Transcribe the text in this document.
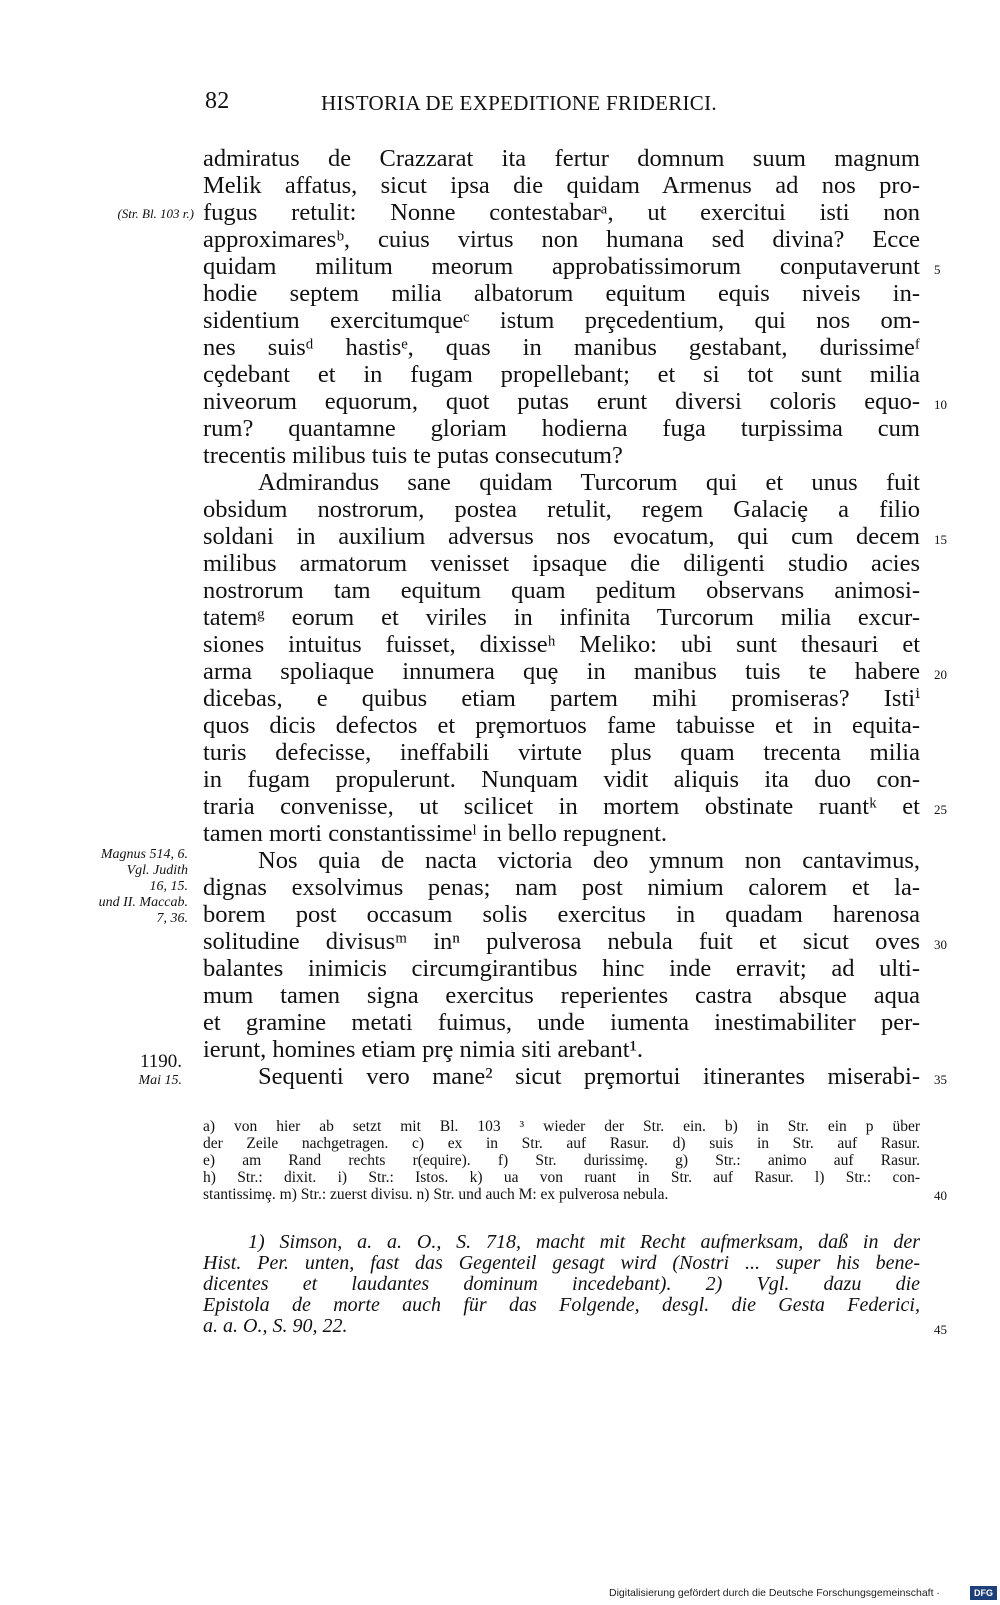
82	HISTORIA DE EXPEDITIONE FRIDERICI.
admiratus de Crazzarat ita fertur domnum suum magnum
Melik affatus, sicut ipsa die quidam Armenus ad nos pro-
fugus retulit: Nonne contestabarᵃ, ut exercitui isti non
approximaresᵇ, cuius virtus non humana sed divina? Ecce
quidam militum meorum approbatissimorum conputaverunt
hodie septem milia albatorum equitum equis niveis in-
sidentium exercitumqueᶜ istum prȩcedentium, qui nos om-
nes suisᵈ hastisᵉ, quas in manibus gestabant, durissimeᶠ
cȩdebant et in fugam propellebant; et si tot sunt milia
niveorum equorum, quot putas erunt diversi coloris equo-
rum? quantamne gloriam hodierna fuga turpissima cum
trecentis milibus tuis te putas consecutum?
Admirandus sane quidam Turcorum qui et unus fuit
obsidum nostrorum, postea retulit, regem Galaciȩ a filio
soldani in auxilium adversus nos evocatum, qui cum decem
milibus armatorum venisset ipsaque die diligenti studio acies
nostrorum tam equitum quam peditum observans animosi-
tatemᵍ eorum et viriles in infinita Turcorum milia excur-
siones intuitus fuisset, dixisseʰ Meliko: ubi sunt thesauri et
arma spoliaque innumera quȩ in manibus tuis te habere
dicebas, e quibus etiam partem mihi promiseras? Istiⁱ
quos dicis defectos et prȩmortuos fame tabuisse et in equita-
turis defecisse, ineffabili virtute plus quam trecenta milia
in fugam propulerunt. Nunquam vidit aliquis ita duo con-
traria convenisse, ut scilicet in mortem obstinate ruantᵏ et
tamen morti constantissimeˡ in bello repugnent.
Nos quia de nacta victoria deo ymnum non cantavimus,
dignas exsolvimus penas; nam post nimium calorem et la-
borem post occasum solis exercitus in quadam harenosa
solitudine divisusᵐ inⁿ pulverosa nebula fuit et sicut oves
balantes inimicis circumgirantibus hinc inde erravit; ad ulti-
mum tamen signa exercitus reperientes castra absque aqua
et gramine metati fuimus, unde iumenta inestimabiliter per-
ierunt, homines etiam prȩ nimia siti arebant¹.
Sequenti vero mane² sicut prȩmortui itinerantes miserabi-
(Str. Bl. 103 r.)
Magnus 514, 6.
Vgl. Judith
16, 15.
und II. Maccab.
7, 36.
1190.
Mai 15.
5
10
15
20
25
30
35
40
45
a) von hier ab setzt mit Bl. 103 ³ wieder der Str. ein. b) in Str. ein p über
der Zeile nachgetragen. c) ex in Str. auf Rasur. d) suis in Str. auf Rasur.
e) am Rand rechts r(equire). f) Str. durissimȩ. g) Str.: animo auf Rasur.
h) Str.: dixit. i) Str.: Istos. k) ua von ruant in Str. auf Rasur. l) Str.: con-
stantissimȩ. m) Str.: zuerst divisu. n) Str. und auch M: ex pulverosa nebula.
1) Simson, a. a. O., S. 718, macht mit Recht aufmerksam, daß in der
Hist. Per. unten, fast das Gegenteil gesagt wird (Nostri ... super his bene-
dicentes et laudantes dominum incedebant). 2) Vgl. dazu die
Epistola de morte auch für das Folgende, desgl. die Gesta Federici,
a. a. O., S. 90, 22.
Digitalisierung gefördert durch die Deutsche Forschungsgemeinschaft ·	DFG
